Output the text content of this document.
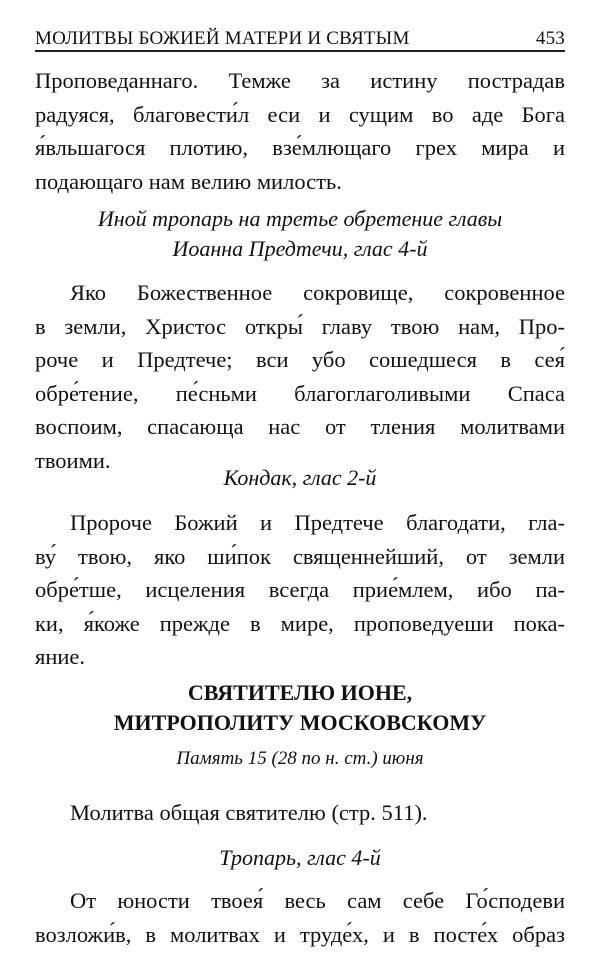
МОЛИТВЫ БОЖИЕЙ МАТЕРИ И СВЯТЫМ	453
Проповеданнаго. Темже за истину пострадав
радуяся, благовести́л еси и сущим во аде Бога
я́вльшагося плотию, взе́млющаго грех мира и
подающаго нам велию милость.
Иной тропарь на третье обретение главы
Иоанна Предтечи, глас 4-й
Яко Божественное сокровище, сокровенное
в земли, Христос откры́ главу твою нам, Про-
роче и Предтече; вси убо сошедшеся в сея́
обре́тение, пе́сньми благоглаголивыми Спаса
воспоим, спасающа нас от тления молитвами
твоими.
Кондак, глас 2-й
Пророче Божий и Предтече благодати, гла-
ву́ твою, яко ши́пок священнейший, от земли
обре́тше, исцеления всегда прие́млем, ибо па-
ки, я́коже прежде в мире, проповедуеши пока-
яние.
СВЯТИТЕЛЮ ИОНЕ,
МИТРОПОЛИТУ МОСКОВСКОМУ
Память 15 (28 по н. ст.) июня
Молитва общая святителю (стр. 511).
Тропарь, глас 4-й
От юности твоея́ весь сам себе Го́сподеви
возложи́в, в молитвах и труде́х, и в посте́х образ
